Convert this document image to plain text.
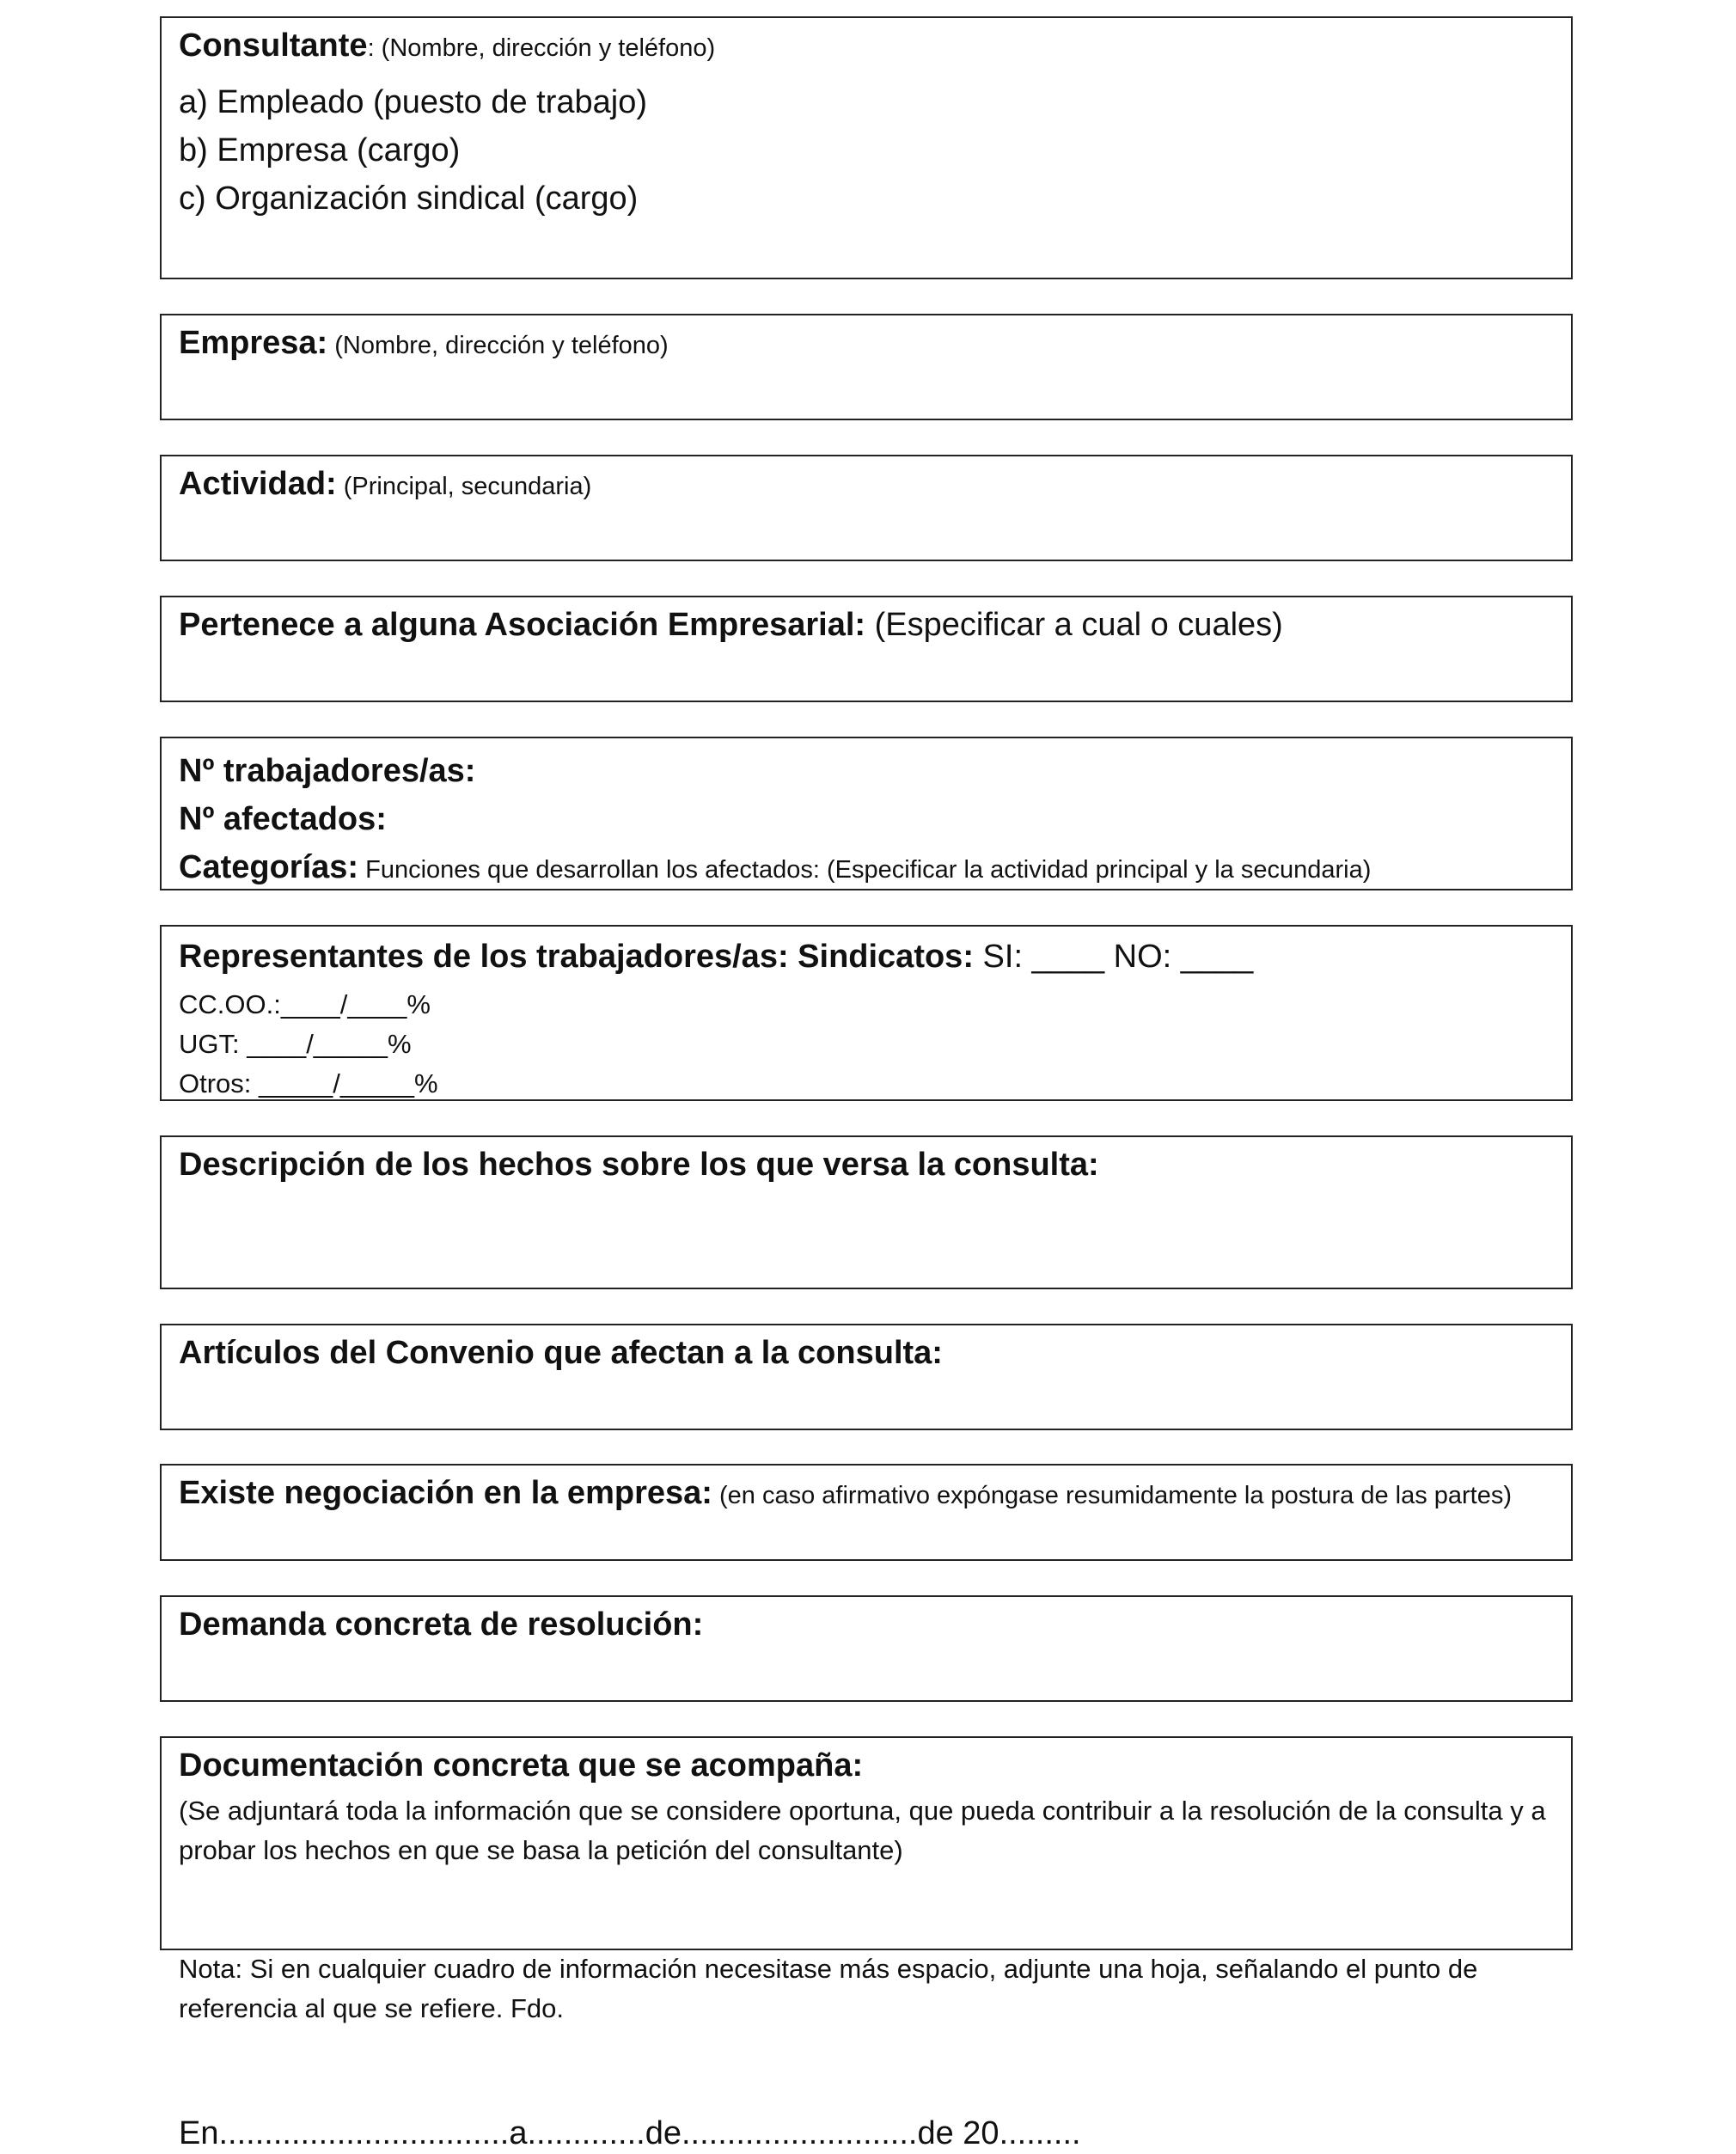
Consultante: (Nombre, dirección y teléfono)
a) Empleado (puesto de trabajo)
b) Empresa (cargo)
c) Organización sindical (cargo)
Empresa: (Nombre, dirección y teléfono)
Actividad: (Principal, secundaria)
Pertenece a alguna Asociación Empresarial: (Especificar a cual o cuales)
Nº trabajadores/as:
Nº afectados:
Categorías: Funciones que desarrollan los afectados: (Especificar la actividad principal y la secundaria)
Representantes de los trabajadores/as: Sindicatos: SI: ____ NO: ____
CC.OO.:____/____%
UGT: ____/_____%
Otros: _____/_____%
Descripción de los hechos sobre los que versa la consulta:
Artículos del Convenio que afectan a la consulta:
Existe negociación en la empresa: (en caso afirmativo expóngase resumidamente la postura de las partes)
Demanda concreta de resolución:
Documentación concreta que se acompaña:
(Se adjuntará toda la información que se considere oportuna, que pueda contribuir a la resolución de la consulta y a probar los hechos en que se basa la petición del consultante)
Nota: Si en cualquier cuadro de información necesitase más espacio, adjunte una hoja, señalando el punto de referencia al que se refiere. Fdo.
En................................a.............de..........................de 20.........
